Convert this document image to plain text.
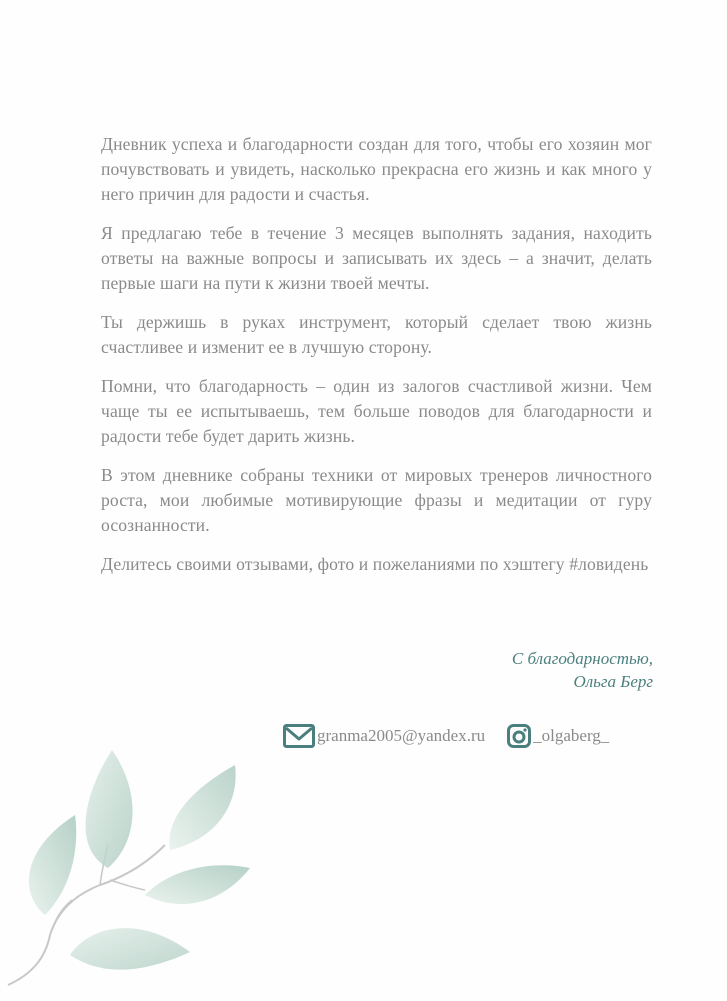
Дневник успеха и благодарности создан для того, чтобы его хозяин мог почувствовать и увидеть, насколько прекрасна его жизнь и как много у него причин для радости и счастья.

Я предлагаю тебе в течение 3 месяцев выполнять задания, находить ответы на важные вопросы и записывать их здесь – а значит, делать первые шаги на пути к жизни твоей мечты.

Ты держишь в руках инструмент, который сделает твою жизнь счастливее и изменит ее в лучшую сторону.

Помни, что благодарность – один из залогов счастливой жизни. Чем чаще ты ее испытываешь, тем больше поводов для благодарности и радости тебе будет дарить жизнь.

В этом дневнике собраны техники от мировых тренеров личностного роста, мои любимые мотивирующие фразы и медитации от гуру осознанности.

Делитесь своими отзывами, фото и пожеланиями по хэштегу #ловидень

С благодарностью,
Ольга Берг
granma2005@yandex.ru	_olgaberg_
